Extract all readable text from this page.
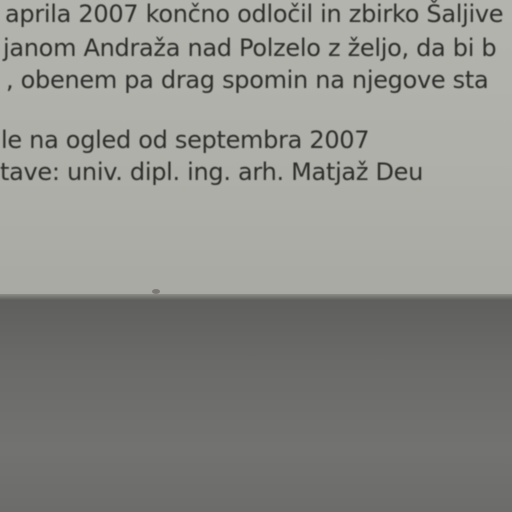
aprila 2007 končno odločil in zbirko Šaljive
janom Andraža nad Polzelo z željo, da bi b
, obenem pa drag spomin na njegove sta
le na ogled od septembra 2007
tave: univ. dipl. ing. arh. Matjaž Deu
